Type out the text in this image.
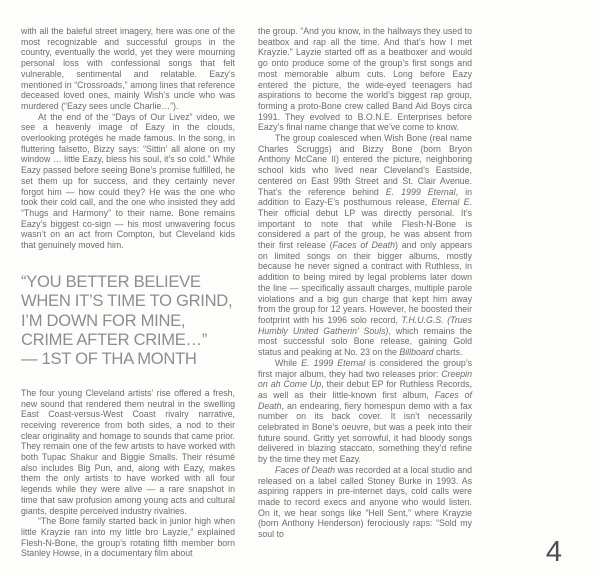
with all the baleful street imagery, here was one of the most recognizable and successful groups in the country, eventually the world, yet they were mourning personal loss with confessional songs that felt vulnerable, sentimental and relatable. Eazy’s mentioned in “Crossroads,” among lines that reference deceased loved ones, mainly Wish’s uncle who was murdered (“Eazy sees uncle Charlie…”).

At the end of the “Days of Our Livez” video, we see a heavenly image of Eazy in the clouds, overlooking protégés he made famous. In the song, in fluttering falsetto, Bizzy says: “Sittin’ all alone on my window … little Eazy, bless his soul, it’s so cold.” While Eazy passed before seeing Bone’s promise fulfilled, he set them up for success, and they certainly never forgot him — how could they? He was the one who took their cold call, and the one who insisted they add “Thugs and Harmony” to their name. Bone remains Eazy’s biggest co-sign — his most unwavering focus wasn’t on an act from Compton, but Cleveland kids that genuinely moved him.

“YOU BETTER BELIEVE
WHEN IT’S TIME TO GRIND,
I’M DOWN FOR MINE,
CRIME AFTER CRIME…”
— 1ST OF THA MONTH

The four young Cleveland artists’ rise offered a fresh, new sound that rendered them neutral in the swelling East Coast-versus-West Coast rivalry narrative, receiving reverence from both sides, a nod to their clear originality and homage to sounds that came prior. They remain one of the few artists to have worked with both Tupac Shakur and Biggie Smalls. Their résumé also includes Big Pun, and, along with Eazy, makes them the only artists to have worked with all four legends while they were alive — a rare snapshot in time that saw profusion among young acts and cultural giants, despite perceived industry rivalries.

“The Bone family started back in junior high when little Krayzie ran into my little bro Layzie,” explained Flesh-N-Bone, the group’s rotating fifth member born Stanley Howse, in a documentary film about

the group. “And you know, in the hallways they used to beatbox and rap all the time. And that’s how I met Krayzie.” Layzie started off as a beatboxer and would go onto produce some of the group’s first songs and most memorable album cuts. Long before Eazy entered the picture, the wide-eyed teenagers had aspirations to become the world’s biggest rap group, forming a proto-Bone crew called Band Aid Boys circa 1991. They evolved to B.O.N.E. Enterprises before Eazy’s final name change that we’ve come to know.

The group coalesced when Wish Bone (real name Charles Scruggs) and Bizzy Bone (born Bryon Anthony McCane II) entered the picture, neighboring school kids who lived near Cleveland’s Eastside, centered on East 99th Street and St. Clair Avenue. That’s the reference behind E. 1999 Eternal, in addition to Eazy-E’s posthumous release, Eternal E. Their official debut LP was directly personal. It’s important to note that while Flesh-N-Bone is considered a part of the group, he was absent from their first release (Faces of Death) and only appears on limited songs on their bigger albums, mostly because he never signed a contract with Ruthless, in addition to being mired by legal problems later down the line — specifically assault charges, multiple parole violations and a big gun charge that kept him away from the group for 12 years. However, he boosted their footprint with his 1996 solo record, T.H.U.G.S. (Trues Humbly United Gatherin’ Souls), which remains the most successful solo Bone release, gaining Gold status and peaking at No. 23 on the Billboard charts.

While E. 1999 Eternal is considered the group’s first major album, they had two releases prior: Creepin on ah Come Up, their debut EP for Ruthless Records, as well as their little-known first album, Faces of Death, an endearing, fiery homespun demo with a fax number on its back cover. It isn’t necessarily celebrated in Bone’s oeuvre, but was a peek into their future sound. Gritty yet sorrowful, it had bloody songs delivered in blazing staccato, something they’d refine by the time they met Eazy.

Faces of Death was recorded at a local studio and released on a label called Stoney Burke in 1993. As aspiring rappers in pre-internet days, cold calls were made to record execs and anyone who would listen. On it, we hear songs like “Hell Sent,” where Krayzie (born Anthony Henderson) ferociously raps: “Sold my soul to

4
